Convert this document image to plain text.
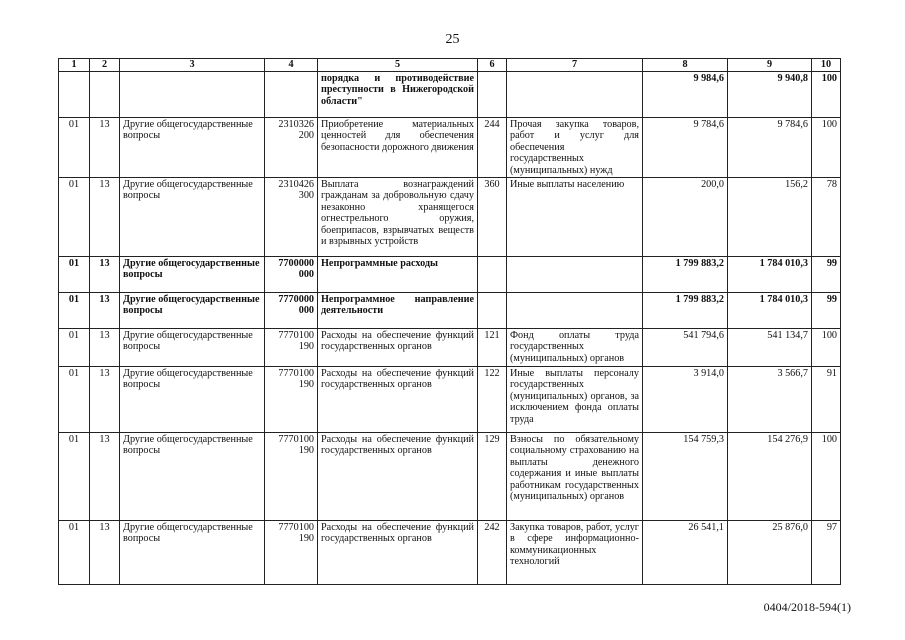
25
1	2	3	4	5	6	7	8	9	10
				порядка и противодействие преступности в Нижегородской области"			9 984,6	9 940,8	100
01	13	Другие общегосударственные вопросы	2310326 200	Приобретение материальных ценностей для обеспечения безопасности дорожного движения	244	Прочая закупка товаров, работ и услуг для обеспечения государственных (муниципальных) нужд	9 784,6	9 784,6	100
01	13	Другие общегосударственные вопросы	2310426 300	Выплата вознаграждений гражданам за добровольную сдачу незаконно хранящегося огнестрельного оружия, боеприпасов, взрывчатых веществ и взрывных устройств	360	Иные выплаты населению	200,0	156,2	78
01	13	Другие общегосударственные вопросы	7700000 000	Непрограммные расходы			1 799 883,2	1 784 010,3	99
01	13	Другие общегосударственные вопросы	7770000 000	Непрограммное направление деятельности			1 799 883,2	1 784 010,3	99
01	13	Другие общегосударственные вопросы	7770100 190	Расходы на обеспечение функций государственных органов	121	Фонд оплаты труда государственных (муниципальных) органов	541 794,6	541 134,7	100
01	13	Другие общегосударственные вопросы	7770100 190	Расходы на обеспечение функций государственных органов	122	Иные выплаты персоналу государственных (муниципальных) органов, за исключением фонда оплаты труда	3 914,0	3 566,7	91
01	13	Другие общегосударственные вопросы	7770100 190	Расходы на обеспечение функций государственных органов	129	Взносы по обязательному социальному страхованию на выплаты денежного содержания и иные выплаты работникам государственных (муниципальных) органов	154 759,3	154 276,9	100
01	13	Другие общегосударственные вопросы	7770100 190	Расходы на обеспечение функций государственных органов	242	Закупка товаров, работ, услуг в сфере информационно-коммуникационных технологий	26 541,1	25 876,0	97
0404/2018-594(1)
